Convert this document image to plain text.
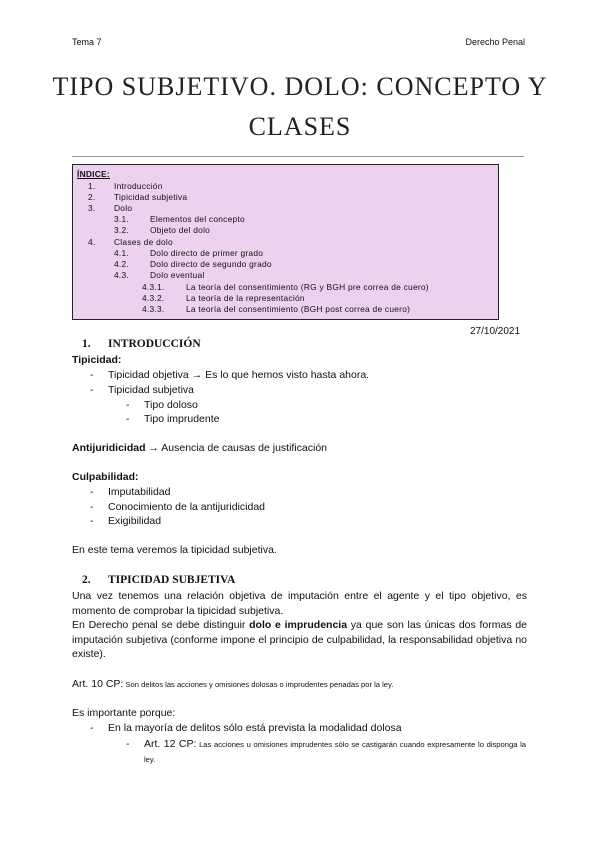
Tema 7	Derecho Penal
TIPO SUBJETIVO. DOLO: CONCEPTO Y
CLASES
ÍNDICE:
1. Introducción
2. Tipicidad subjetiva
3. Dolo
3.1.	Elementos del concepto
3.2.	Objeto del dolo
4. Clases de dolo
4.1.	Dolo directo de primer grado
4.2.	Dolo directo de segundo grado
4.3.	Dolo eventual
4.3.1.	La teoría del consentimiento (RG y BGH pre correa de cuero)
4.3.2.	La teoría de la representación
4.3.3.	La teoría del consentimiento (BGH post correa de cuero)
27/10/2021
1. INTRODUCCIÓN
Tipicidad:
- Tipicidad objetiva → Es lo que hemos visto hasta ahora.
- Tipicidad subjetiva
- Tipo doloso
- Tipo imprudente
Antijuridicidad → Ausencia de causas de justificación
Culpabilidad:
- Imputabilidad
- Conocimiento de la antijuridicidad
- Exigibilidad
En este tema veremos la tipicidad subjetiva.
2. TIPICIDAD SUBJETIVA
Una vez tenemos una relación objetiva de imputación entre el agente y el tipo objetivo, es momento de comprobar la tipicidad subjetiva.
En Derecho penal se debe distinguir dolo e imprudencia ya que son las únicas dos formas de imputación subjetiva (conforme impone el principio de culpabilidad, la responsabilidad objetiva no existe).
Art. 10 CP: Son delitos las acciones y omisiones dolosas o imprudentes penadas por la ley.
Es importante porque:
- En la mayoría de delitos sólo está prevista la modalidad dolosa
- Art. 12 CP: Las acciones u omisiones imprudentes sólo se castigarán cuando expresamente lo disponga la ley.
